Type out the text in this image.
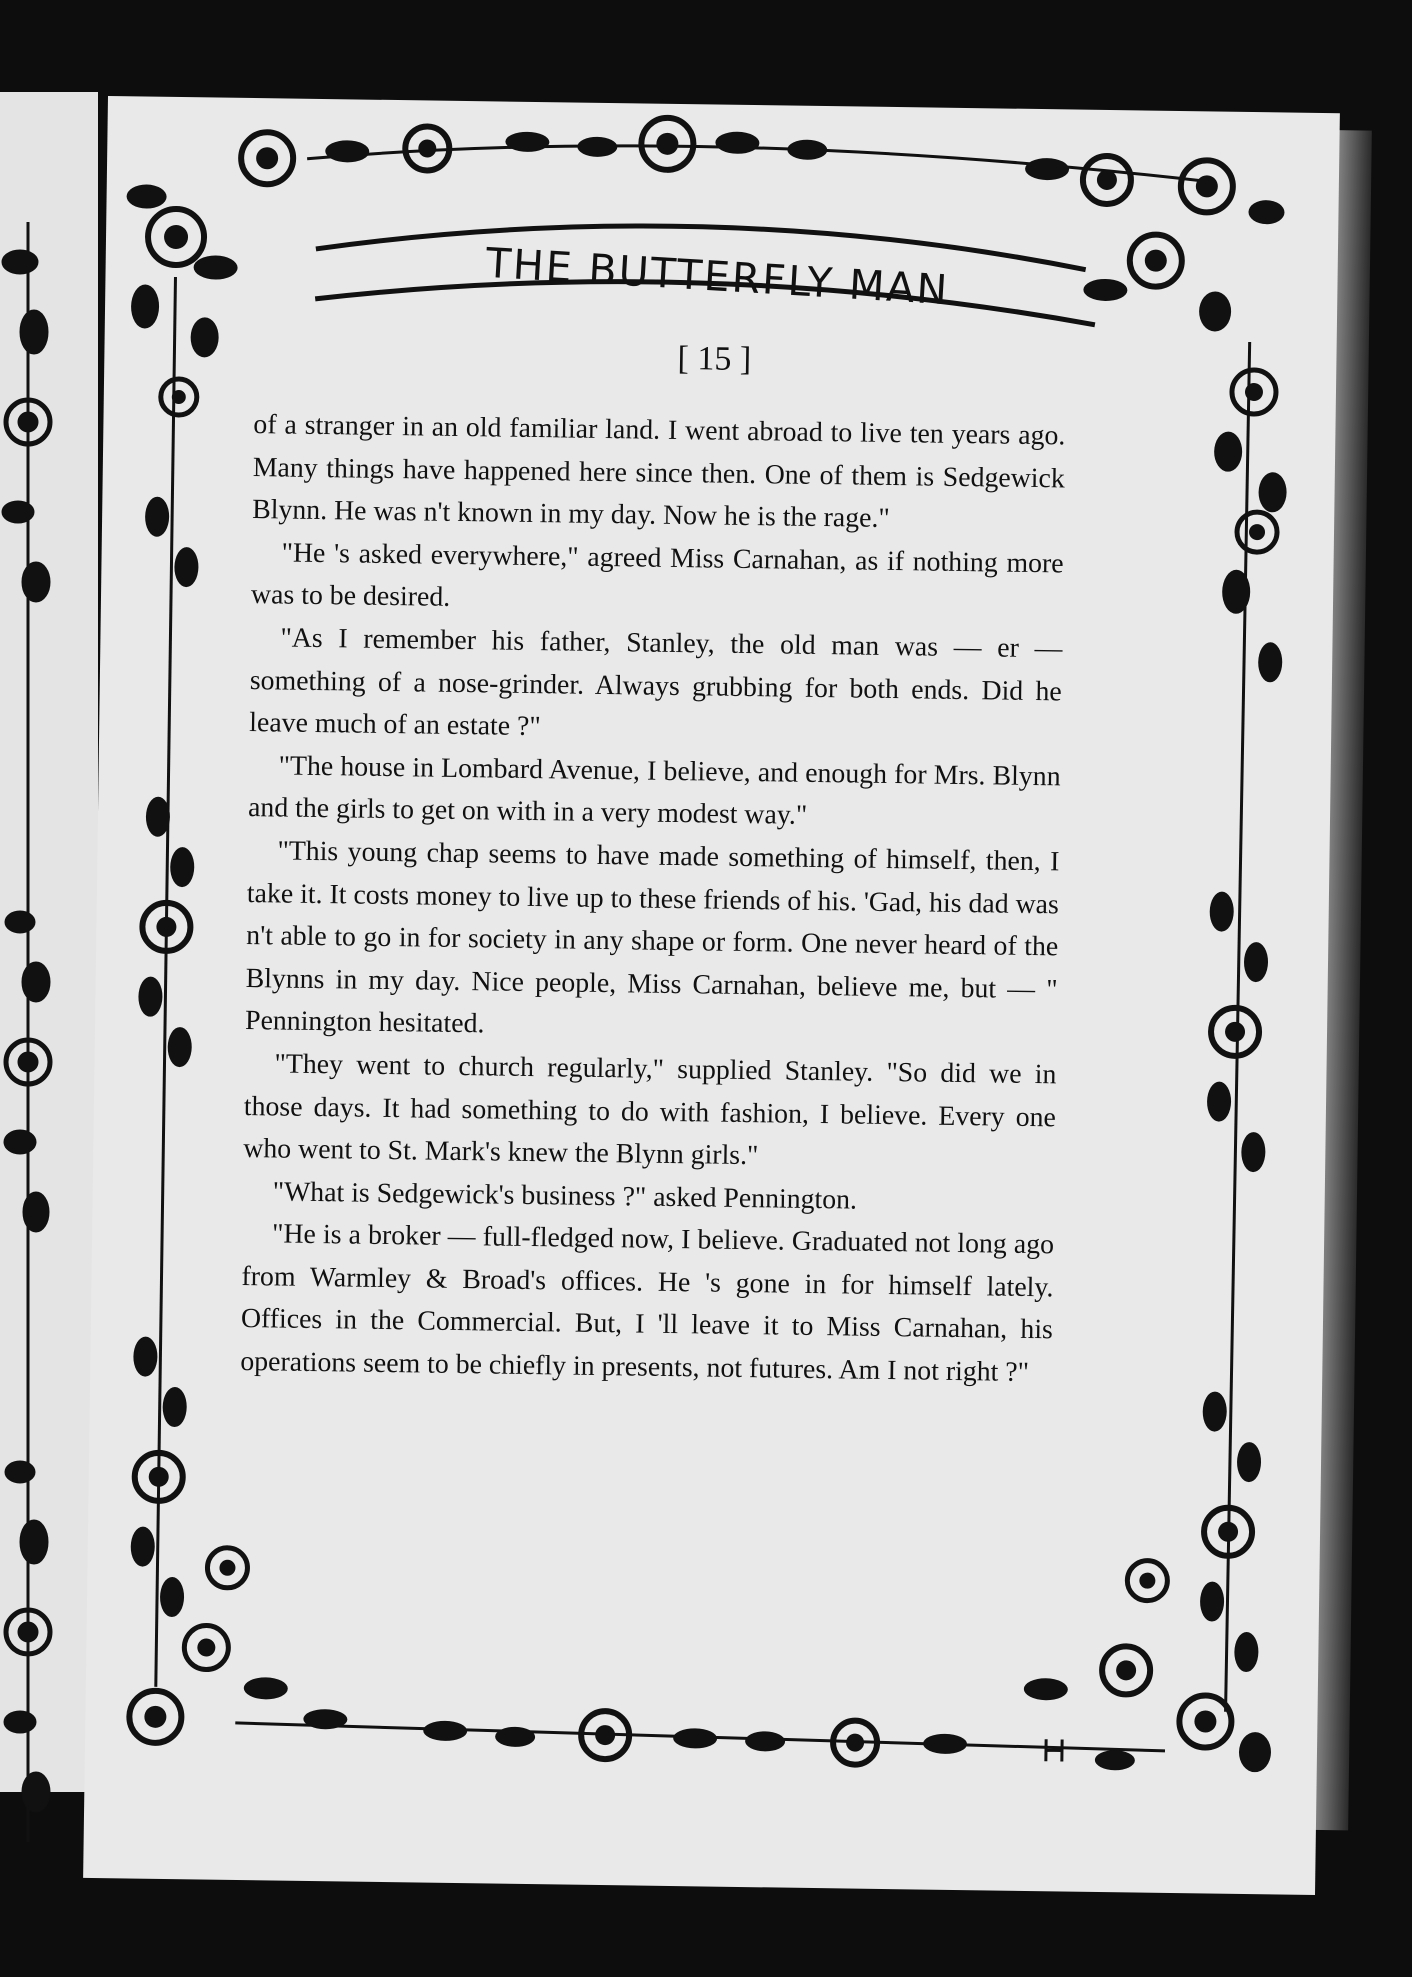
THE BUTTERFLY MAN
[ 15 ]

of a stranger in an old familiar land. I went abroad to live ten years ago. Many things have happened here since then. One of them is Sedgewick Blynn. He was n't known in my day. Now he is the rage."

"He 's asked everywhere," agreed Miss Carnahan, as if nothing more was to be desired.

"As I remember his father, Stanley, the old man was — er — something of a nose-grinder. Always grubbing for both ends. Did he leave much of an estate ?"

"The house in Lombard Avenue, I believe, and enough for Mrs. Blynn and the girls to get on with in a very modest way."

"This young chap seems to have made something of himself, then, I take it. It costs money to live up to these friends of his. 'Gad, his dad was n't able to go in for society in any shape or form. One never heard of the Blynns in my day. Nice people, Miss Carnahan, believe me, but — " Pennington hesitated.

"They went to church regularly," supplied Stanley. "So did we in those days. It had something to do with fashion, I believe. Every one who went to St. Mark's knew the Blynn girls."

"What is Sedgewick's business ?" asked Pennington.

"He is a broker — full-fledged now, I believe. Graduated not long ago from Warmley & Broad's offices. He 's gone in for himself lately. Offices in the Commercial. But, I 'll leave it to Miss Carnahan, his operations seem to be chiefly in presents, not futures. Am I not right ?"
